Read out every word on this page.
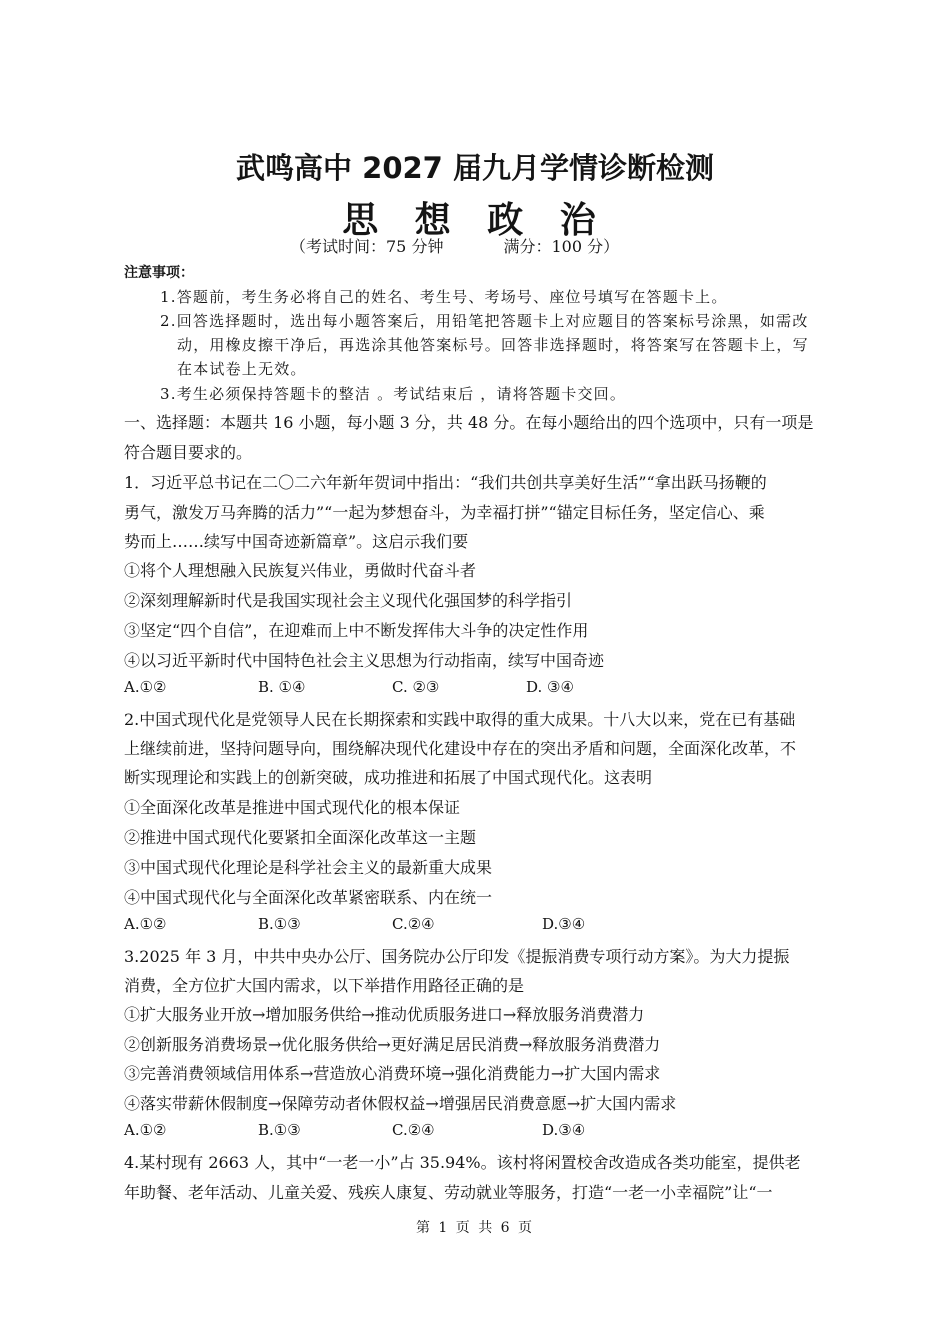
武鸣高中 2027 届九月学情诊断检测
思 想 政 治
（考试时间：75 分钟	满分：100 分）
注意事项：
1.答题前，考生务必将自己的姓名、考生号、考场号、座位号填写在答题卡上。
2.回答选择题时，选出每小题答案后，用铅笔把答题卡上对应题目的答案标号涂黑，如需改
动，用橡皮擦干净后，再选涂其他答案标号。回答非选择题时，将答案写在答题卡上，写
在本试卷上无效。
3.考生必须保持答题卡的整洁 。考试结束后 ，请将答题卡交回。
一、选择题：本题共 16 小题，每小题 3 分，共 48 分。在每小题给出的四个选项中，只有一项是
符合题目要求的。
1．习近平总书记在二〇二六年新年贺词中指出：“我们共创共享美好生活”“拿出跃马扬鞭的
勇气，激发万马奔腾的活力”“一起为梦想奋斗，为幸福打拼”“锚定目标任务，坚定信心、乘
势而上……续写中国奇迹新篇章”。这启示我们要
①将个人理想融入民族复兴伟业，勇做时代奋斗者
②深刻理解新时代是我国实现社会主义现代化强国梦的科学指引
③坚定“四个自信”，在迎难而上中不断发挥伟大斗争的决定性作用
④以习近平新时代中国特色社会主义思想为行动指南，续写中国奇迹
A.①②	B. ①④	C. ②③	D. ③④
2.中国式现代化是党领导人民在长期探索和实践中取得的重大成果。十八大以来，党在已有基础
上继续前进，坚持问题导向，围绕解决现代化建设中存在的突出矛盾和问题，全面深化改革，不
断实现理论和实践上的创新突破，成功推进和拓展了中国式现代化。这表明
①全面深化改革是推进中国式现代化的根本保证
②推进中国式现代化要紧扣全面深化改革这一主题
③中国式现代化理论是科学社会主义的最新重大成果
④中国式现代化与全面深化改革紧密联系、内在统一
A.①②	B.①③	C.②④	D.③④
3.2025 年 3 月，中共中央办公厅、国务院办公厅印发《提振消费专项行动方案》。为大力提振
消费，全方位扩大国内需求，以下举措作用路径正确的是
①扩大服务业开放→增加服务供给→推动优质服务进口→释放服务消费潜力
②创新服务消费场景→优化服务供给→更好满足居民消费→释放服务消费潜力
③完善消费领域信用体系→营造放心消费环境→强化消费能力→扩大国内需求
④落实带薪休假制度→保障劳动者休假权益→增强居民消费意愿→扩大国内需求
A.①②	B.①③	C.②④	D.③④
4.某村现有 2663 人，其中“一老一小”占 35.94%。该村将闲置校舍改造成各类功能室，提供老
年助餐、老年活动、儿童关爱、残疾人康复、劳动就业等服务，打造“一老一小幸福院”让“一
第 1 页 共 6 页
